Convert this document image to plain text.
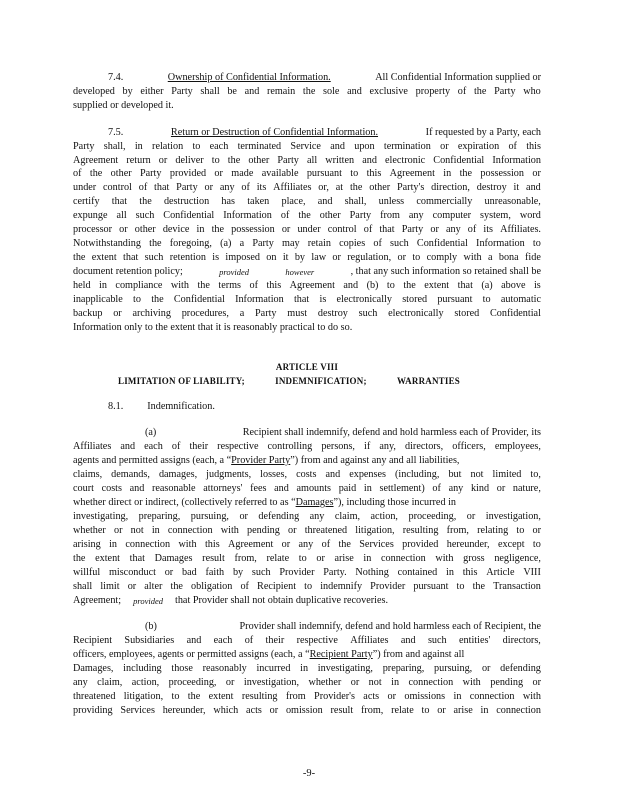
7.4.	Ownership of Confidential Information.	All Confidential Information supplied or
developed by either Party shall be and remain the sole and exclusive property of the Party who
supplied or developed it.
7.5.	Return or Destruction of Confidential Information.	If requested by a Party, each
Party shall, in relation to each terminated Service and upon termination or expiration of this
Agreement return or deliver to the other Party all written and electronic Confidential Information
of the other Party provided or made available pursuant to this Agreement in the possession or
under control of that Party or any of its Affiliates or, at the other Party's direction, destroy it and
certify that the destruction has taken place, and shall, unless commercially unreasonable,
expunge all such Confidential Information of the other Party from any computer system, word
processor or other device in the possession or under control of that Party or any of its Affiliates.
Notwithstanding the foregoing, (a) a Party may retain copies of such Confidential Information to
the extent that such retention is imposed on it by law or regulation, or to comply with a bona fide
document retention policy;	provided	however	, that any such information so retained shall be
held in compliance with the terms of this Agreement and (b) to the extent that (a) above is
inapplicable to the Confidential Information that is electronically stored pursuant to automatic
backup or archiving procedures, a Party must destroy such electronically stored Confidential
Information only to the extent that it is reasonably practical to do so.
ARTICLE VIII
LIMITATION OF LIABILITY;	INDEMNIFICATION;	WARRANTIES
8.1. Indemnification.
(a)	Recipient shall indemnify, defend and hold harmless each of Provider, its
Affiliates and each of their respective controlling persons, if any, directors, officers, employees,
agents and permitted assigns (each, a “ Provider Party ”) from and against any and all liabilities,
claims, demands, damages, judgments, losses, costs and expenses (including, but not limited to,
court costs and reasonable attorneys' fees and amounts paid in settlement) of any kind or nature,
whether direct or indirect, (collectively referred to as “ Damages ”), including those incurred in
investigating, preparing, pursuing, or defending any claim, action, proceeding, or investigation,
whether or not in connection with pending or threatened litigation, resulting from, relating to or
arising in connection with this Agreement or any of the Services provided hereunder, except to
the extent that Damages result from, relate to or arise in connection with gross negligence,
willful misconduct or bad faith by such Provider Party. Nothing contained in this Article VIII
shall limit or alter the obligation of Recipient to indemnify Provider pursuant to the Transaction
Agreement; provided that Provider shall not obtain duplicative recoveries.
(b)	Provider shall indemnify, defend and hold harmless each of Recipient, the
Recipient Subsidiaries and each of their respective Affiliates and such entities' directors,
officers, employees, agents or permitted assigns (each, a “ Recipient Party ”) from and against all
Damages, including those reasonably incurred in investigating, preparing, pursuing, or defending
any claim, action, proceeding, or investigation, whether or not in connection with pending or
threatened litigation, to the extent resulting from Provider's acts or omissions in connection with
providing Services hereunder, which acts or omission result from, relate to or arise in connection
-9-
